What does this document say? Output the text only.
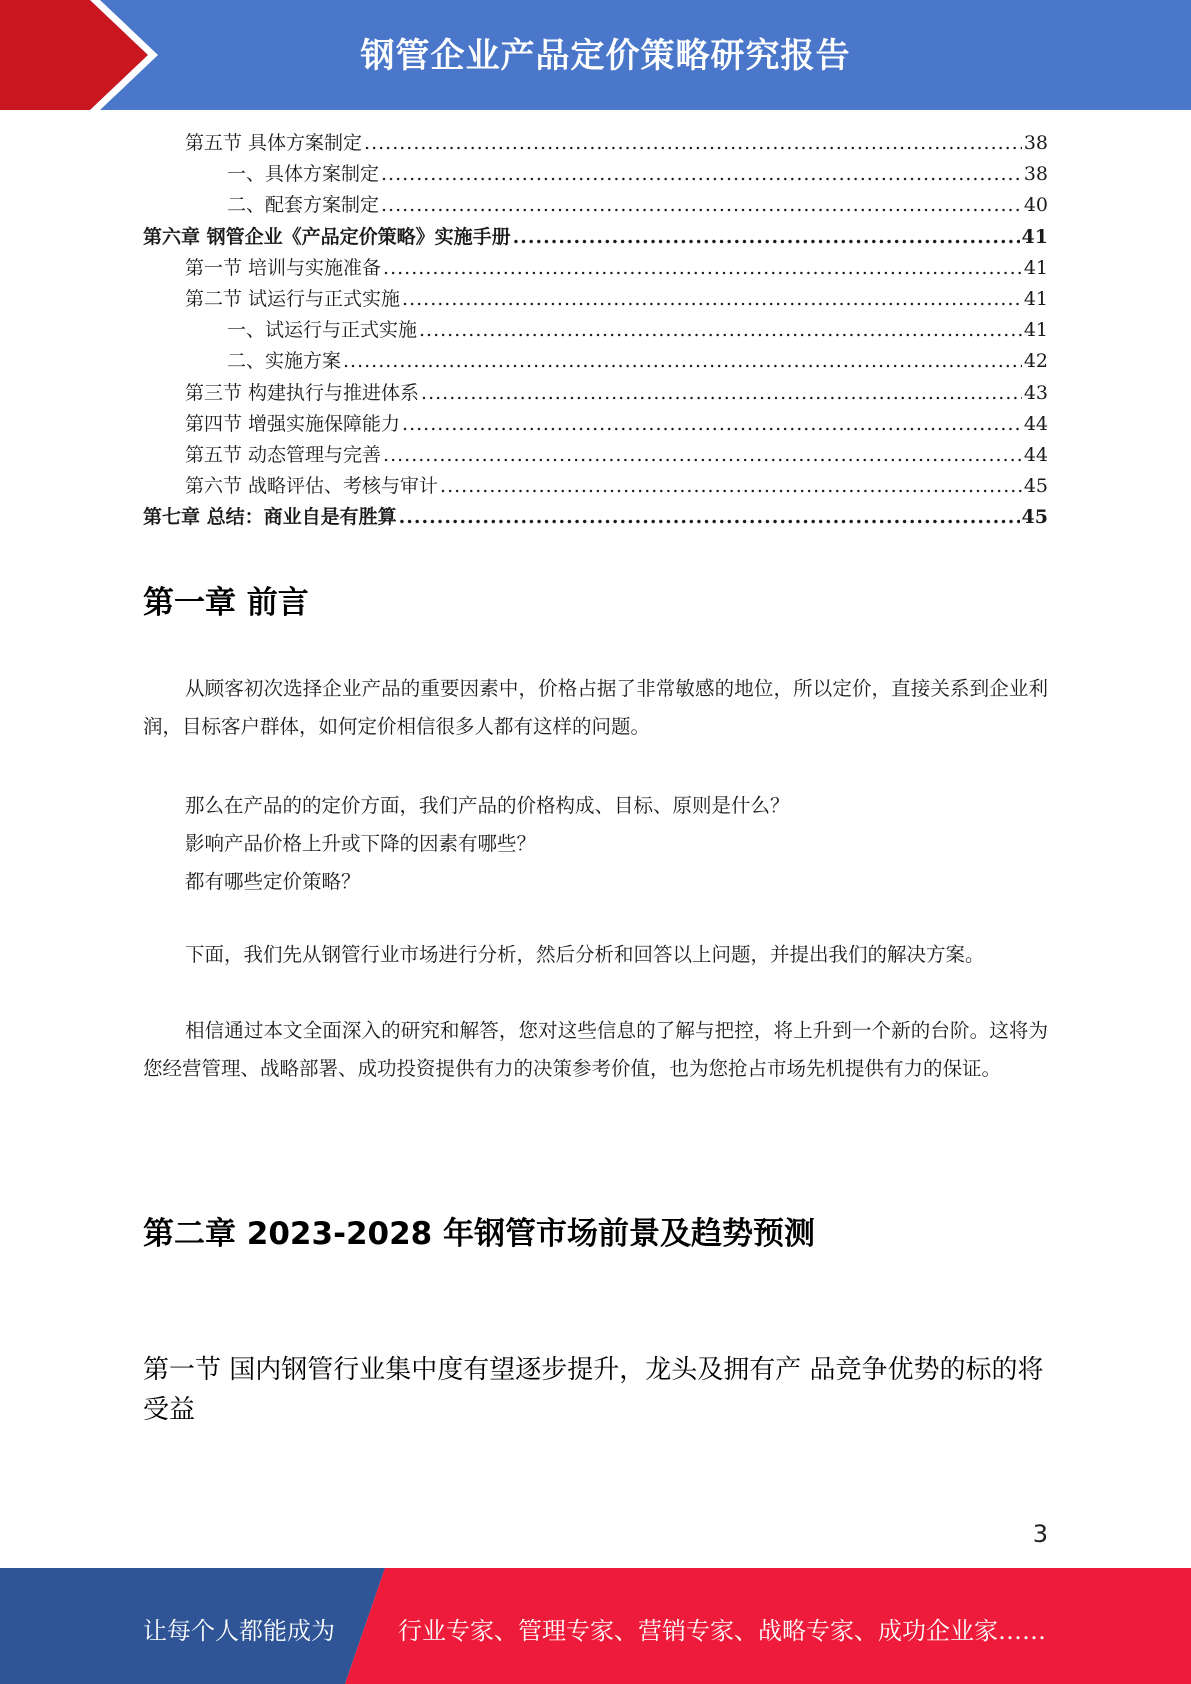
钢管企业产品定价策略研究报告
第五节 具体方案制定 .....	38
一、具体方案制定 .....	38
二、配套方案制定 .....	40
第六章 钢管企业《产品定价策略》实施手册 .....	41
第一节 培训与实施准备 .....	41
第二节 试运行与正式实施 .....	41
一、试运行与正式实施 .....	41
二、实施方案 .....	42
第三节 构建执行与推进体系 .....	43
第四节 增强实施保障能力 .....	44
第五节 动态管理与完善 .....	44
第六节 战略评估、考核与审计 .....	45
第七章 总结：商业自是有胜算 .....	45
第一章 前言

从顾客初次选择企业产品的重要因素中，价格占据了非常敏感的地位，所以定价，直接关系到企业利润，目标客户群体，如何定价相信很多人都有这样的问题。

那么在产品的的定价方面，我们产品的价格构成、目标、原则是什么？
影响产品价格上升或下降的因素有哪些？
都有哪些定价策略？

下面，我们先从钢管行业市场进行分析，然后分析和回答以上问题，并提出我们的解决方案。

相信通过本文全面深入的研究和解答，您对这些信息的了解与把控，将上升到一个新的台阶。这将为您经营管理、战略部署、成功投资提供有力的决策参考价值，也为您抢占市场先机提供有力的保证。

第二章 2023-2028 年钢管市场前景及趋势预测
第一节 国内钢管行业集中度有望逐步提升，龙头及拥有产 品竞争优势的标的将受益
3
让每个人都能成为	行业专家、管理专家、营销专家、战略专家、成功企业家……
